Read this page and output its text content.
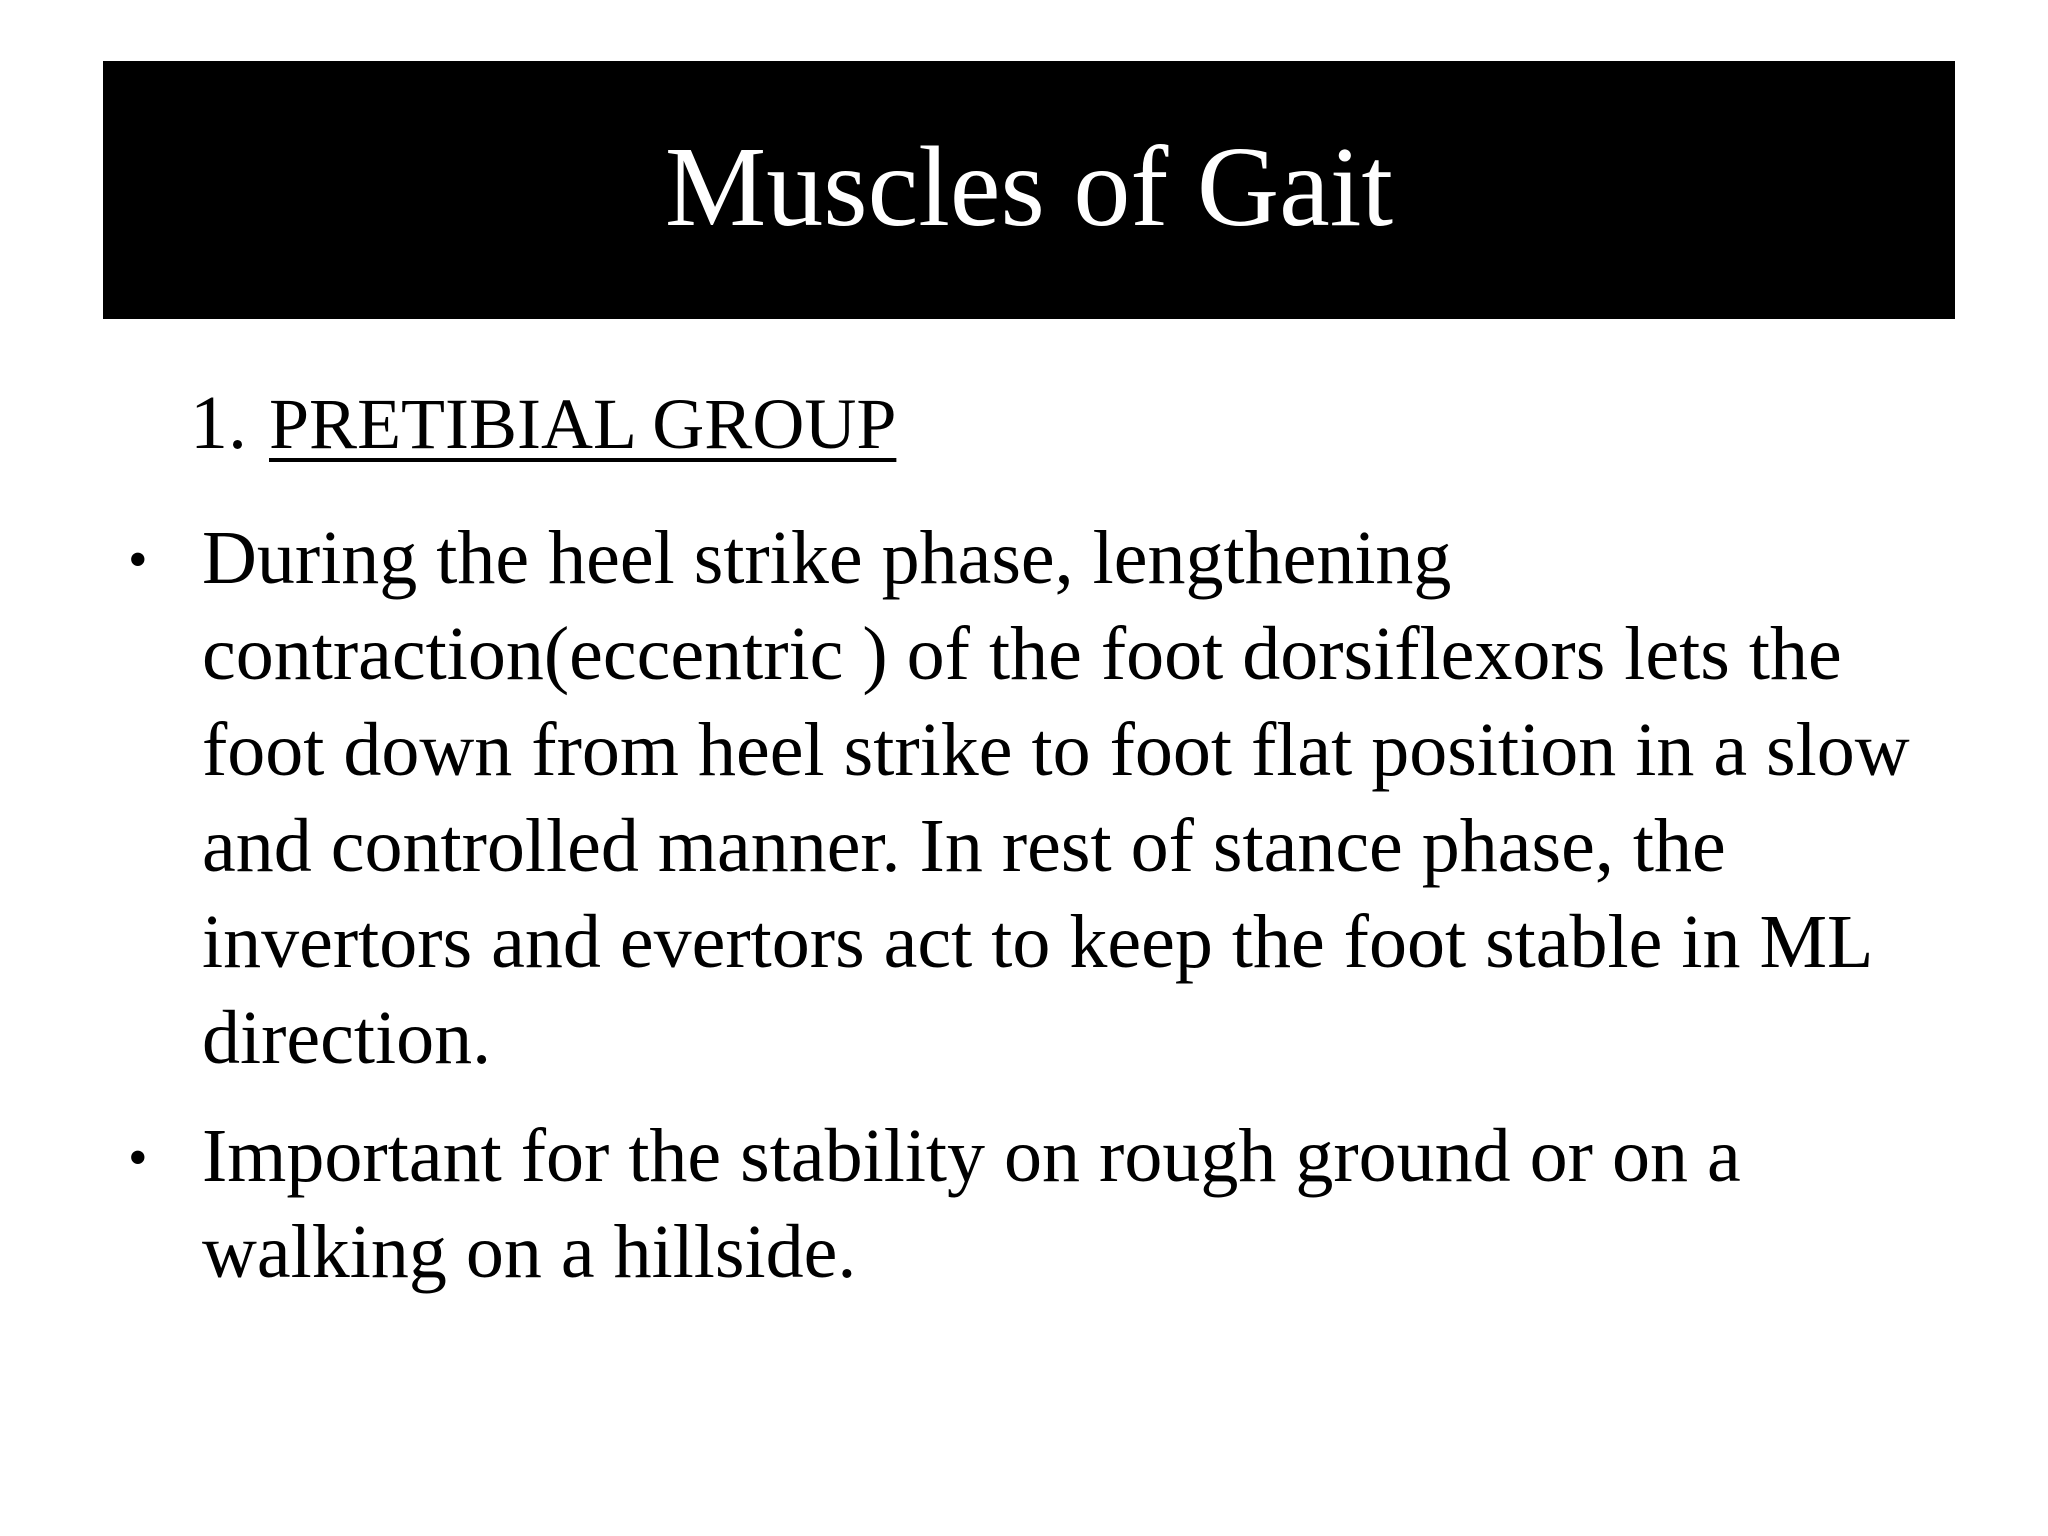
Muscles of Gait
1. PRETIBIAL GROUP
During the heel strike phase, lengthening contraction(eccentric ) of the foot dorsiflexors lets the foot down from heel strike to foot flat position in a slow and controlled manner. In rest of stance phase, the invertors and evertors act to keep the foot stable in ML direction.
Important for the stability on rough ground or on a walking on a hillside.
